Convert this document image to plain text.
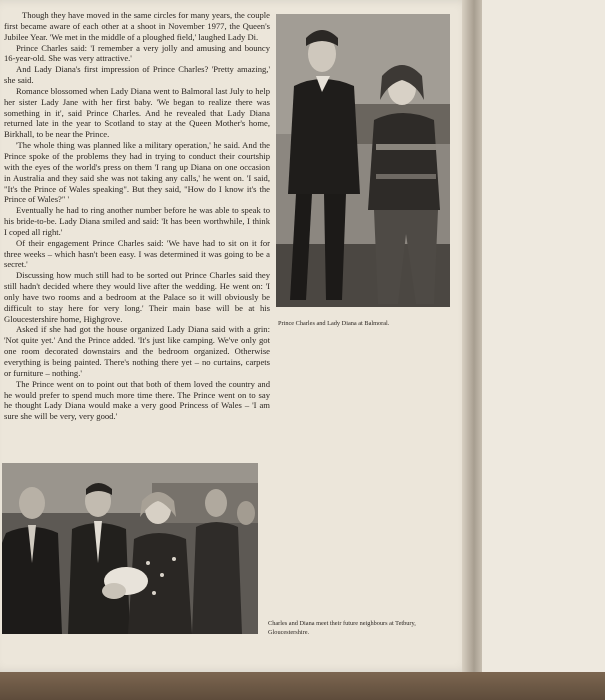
Though they have moved in the same circles for many years, the couple first became aware of each other at a shoot in November 1977, the Queen's Jubilee Year. 'We met in the middle of a ploughed field,' laughed Lady Di.

Prince Charles said: 'I remember a very jolly and amusing and bouncy 16-year-old. She was very attractive.'

And Lady Diana's first impression of Prince Charles? 'Pretty amazing,' she said.

Romance blossomed when Lady Diana went to Balmoral last July to help her sister Lady Jane with her first baby. 'We began to realize there was something in it', said Prince Charles. And he revealed that Lady Diana returned late in the year to Scotland to stay at the Queen Mother's home, Birkhall, to be near the Prince.

'The whole thing was planned like a military operation,' he said. And the Prince spoke of the problems they had in trying to conduct their courtship with the eyes of the world's press on them 'I rang up Diana on one occasion in Australia and they said she was not taking any calls,' he went on. 'I said, "It's the Prince of Wales speaking". But they said, "How do I know it's the Prince of Wales?" '

Eventually he had to ring another number before he was able to speak to his bride-to-be. Lady Diana smiled and said: 'It has been worthwhile, I think I coped all right.'

Of their engagement Prince Charles said: 'We have had to sit on it for three weeks – which hasn't been easy. I was determined it was going to be a secret.'

Discussing how much still had to be sorted out Prince Charles said they still hadn't decided where they would live after the wedding. He went on: 'I only have two rooms and a bedroom at the Palace so it will obviously be difficult to stay here for very long.' Their main base will be at his Gloucestershire home, Highgrove.

Asked if she had got the house organized Lady Diana said with a grin: 'Not quite yet.' And the Prince added. 'It's just like camping. We've only got one room decorated downstairs and the bedroom organized. Otherwise everything is being painted. There's nothing there yet – no curtains, carpets or furniture – nothing.'

The Prince went on to point out that both of them loved the country and he would prefer to spend much more time there. The Prince went on to say he thought Lady Diana would make a very good Princess of Wales – 'I am sure she will be very, very good.'

Prince Charles and Lady Diana at Balmoral.
Charles and Diana meet their future neighbours at Tetbury, Gloucestershire.
